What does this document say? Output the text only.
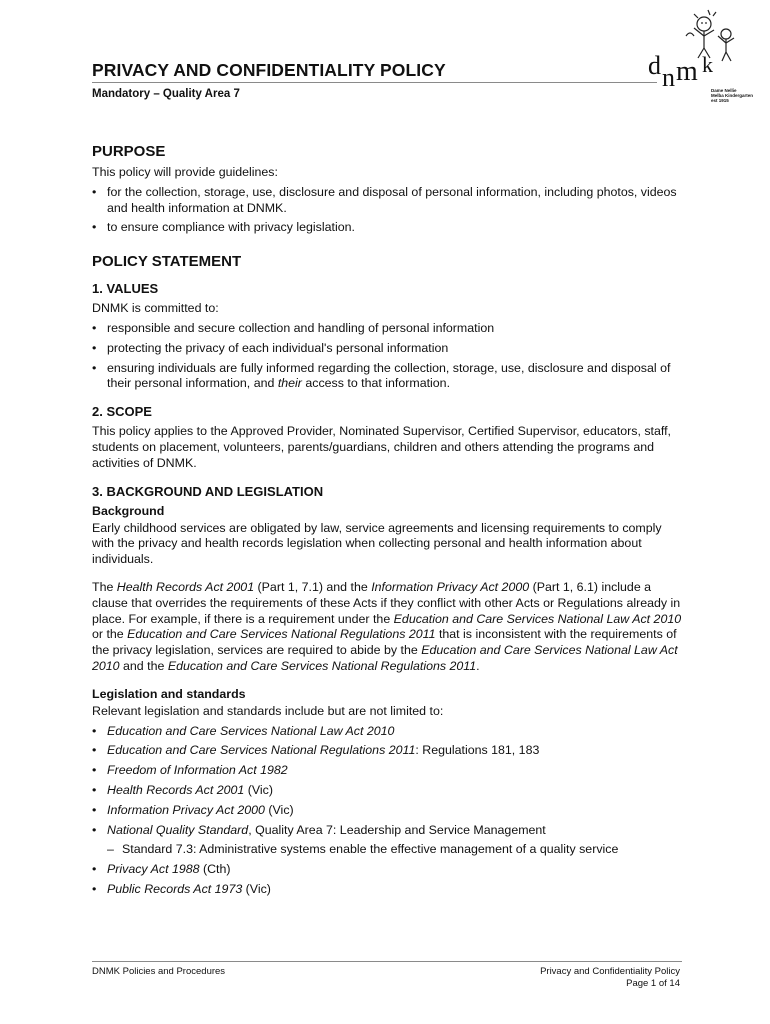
PRIVACY AND CONFIDENTIALITY POLICY
Mandatory – Quality Area 7
d n m k
Dame Nellie
Melba Kindergarten
est 1915
PURPOSE

This policy will provide guidelines:

• for the collection, storage, use, disclosure and disposal of personal information, including photos, videos and health information at DNMK.
• to ensure compliance with privacy legislation.
POLICY STATEMENT
1. VALUES

DNMK is committed to:

• responsible and secure collection and handling of personal information
• protecting the privacy of each individual's personal information
• ensuring individuals are fully informed regarding the collection, storage, use, disclosure and disposal of their personal information, and their access to that information.
2. SCOPE

This policy applies to the Approved Provider, Nominated Supervisor, Certified Supervisor, educators, staff, students on placement, volunteers, parents/guardians, children and others attending the programs and activities of DNMK.

3. BACKGROUND AND LEGISLATION
Background

Early childhood services are obligated by law, service agreements and licensing requirements to comply with the privacy and health records legislation when collecting personal and health information about individuals.

The Health Records Act 2001 (Part 1, 7.1) and the Information Privacy Act 2000 (Part 1, 6.1) include a clause that overrides the requirements of these Acts if they conflict with other Acts or Regulations already in place. For example, if there is a requirement under the Education and Care Services National Law Act 2010 or the Education and Care Services National Regulations 2011 that is inconsistent with the requirements of the privacy legislation, services are required to abide by the Education and Care Services National Law Act 2010 and the Education and Care Services National Regulations 2011.

Legislation and standards

Relevant legislation and standards include but are not limited to:

• Education and Care Services National Law Act 2010
• Education and Care Services National Regulations 2011: Regulations 181, 183
• Freedom of Information Act 1982
• Health Records Act 2001 (Vic)
• Information Privacy Act 2000 (Vic)
• National Quality Standard, Quality Area 7: Leadership and Service Management
– Standard 7.3: Administrative systems enable the effective management of a quality service
• Privacy Act 1988 (Cth)
• Public Records Act 1973 (Vic)
DNMK Policies and Procedures	Privacy and Confidentiality Policy
Page 1 of 14
